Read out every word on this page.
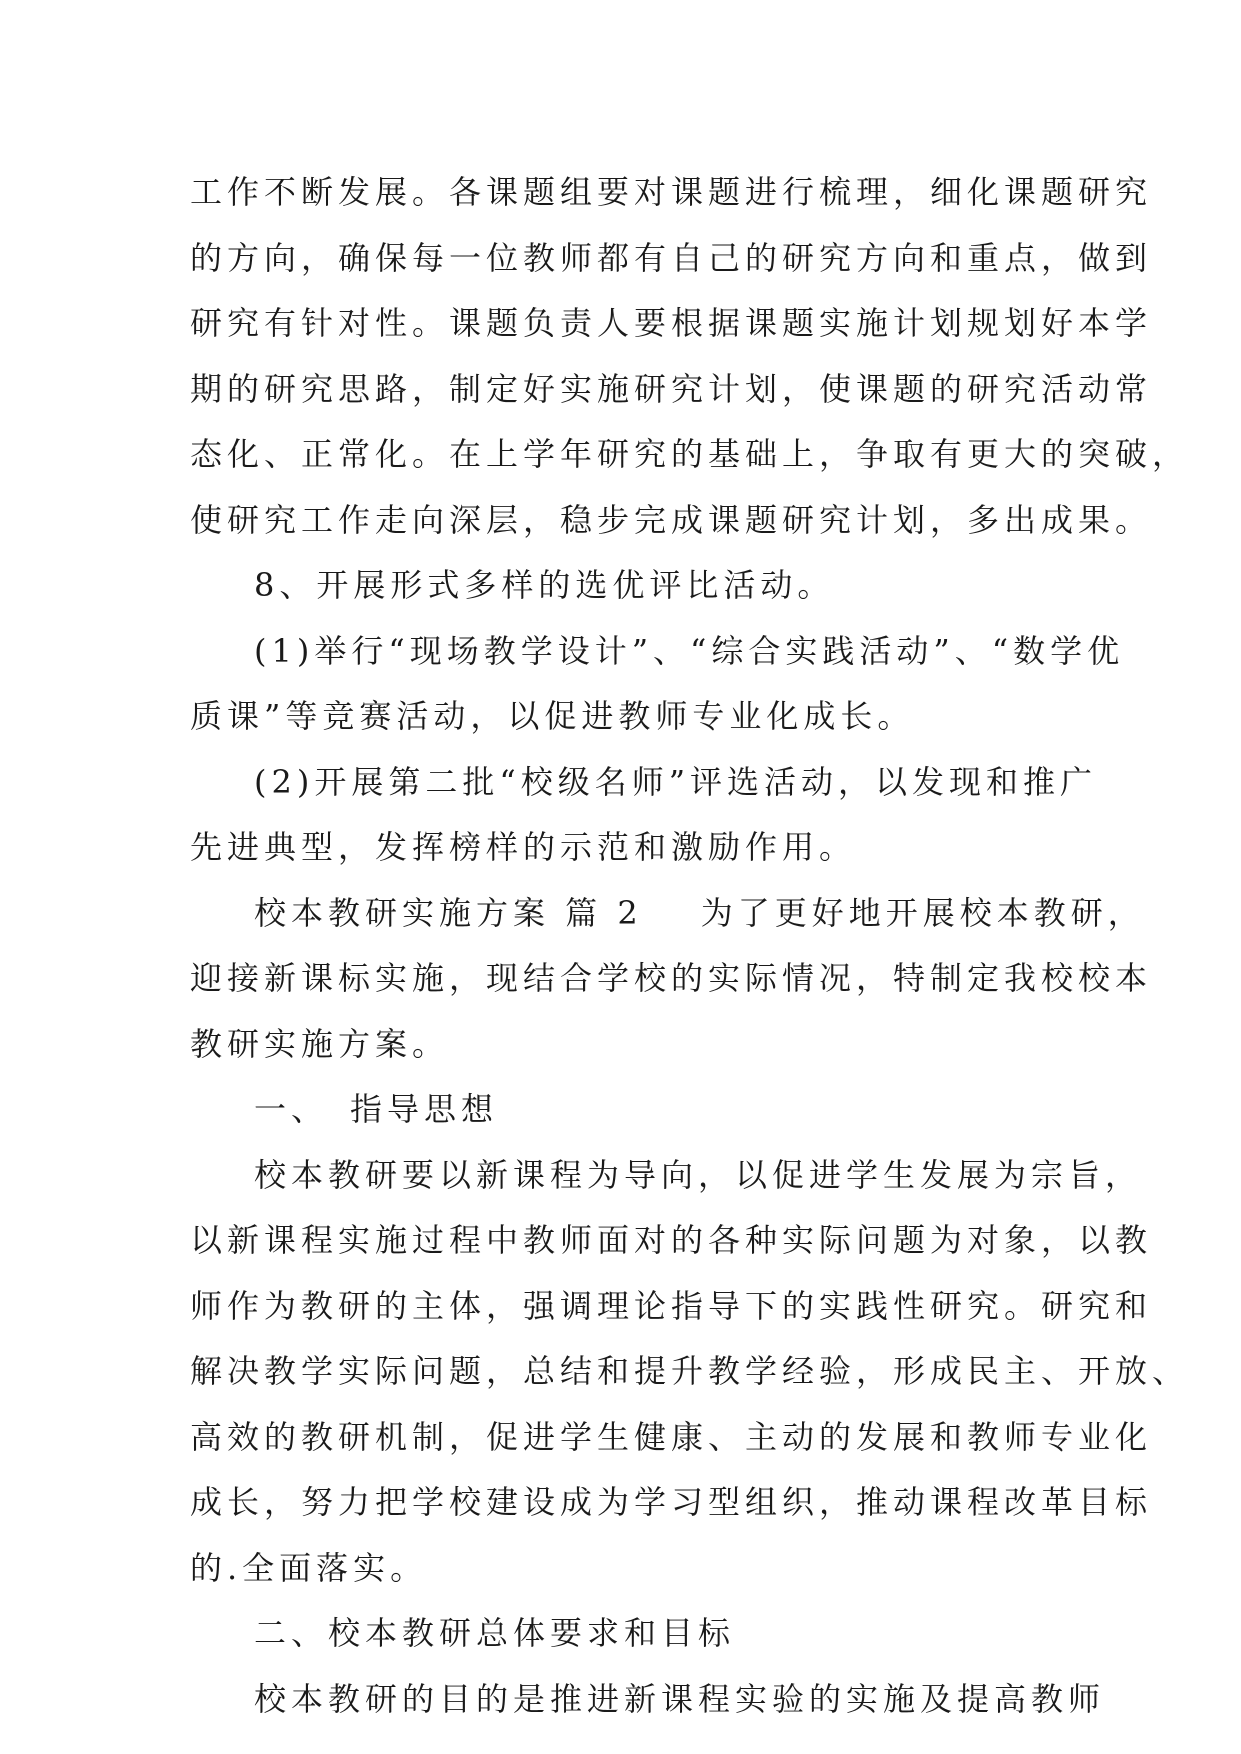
工作不断发展。各课题组要对课题进行梳理，细化课题研究

的方向，确保每一位教师都有自己的研究方向和重点，做到

研究有针对性。课题负责人要根据课题实施计划规划好本学

期的研究思路，制定好实施研究计划，使课题的研究活动常

态化、正常化。在上学年研究的基础上，争取有更大的突破，

使研究工作走向深层，稳步完成课题研究计划，多出成果。

8、开展形式多样的选优评比活动。

(1)举行“现场教学设计”、“综合实践活动”、“数学优

质课”等竞赛活动，以促进教师专业化成长。

(2)开展第二批“校级名师”评选活动，以发现和推广

先进典型，发挥榜样的示范和激励作用。

校本教研实施方案 篇 2 为了更好地开展校本教研，

迎接新课标实施，现结合学校的实际情况，特制定我校校本

教研实施方案。

一、 指导思想

校本教研要以新课程为导向，以促进学生发展为宗旨，

以新课程实施过程中教师面对的各种实际问题为对象，以教

师作为教研的主体，强调理论指导下的实践性研究。研究和

解决教学实际问题，总结和提升教学经验，形成民主、开放、

高效的教研机制，促进学生健康、主动的发展和教师专业化

成长，努力把学校建设成为学习型组织，推动课程改革目标

的.全面落实。

二、校本教研总体要求和目标

校本教研的目的是推进新课程实验的实施及提高教师
